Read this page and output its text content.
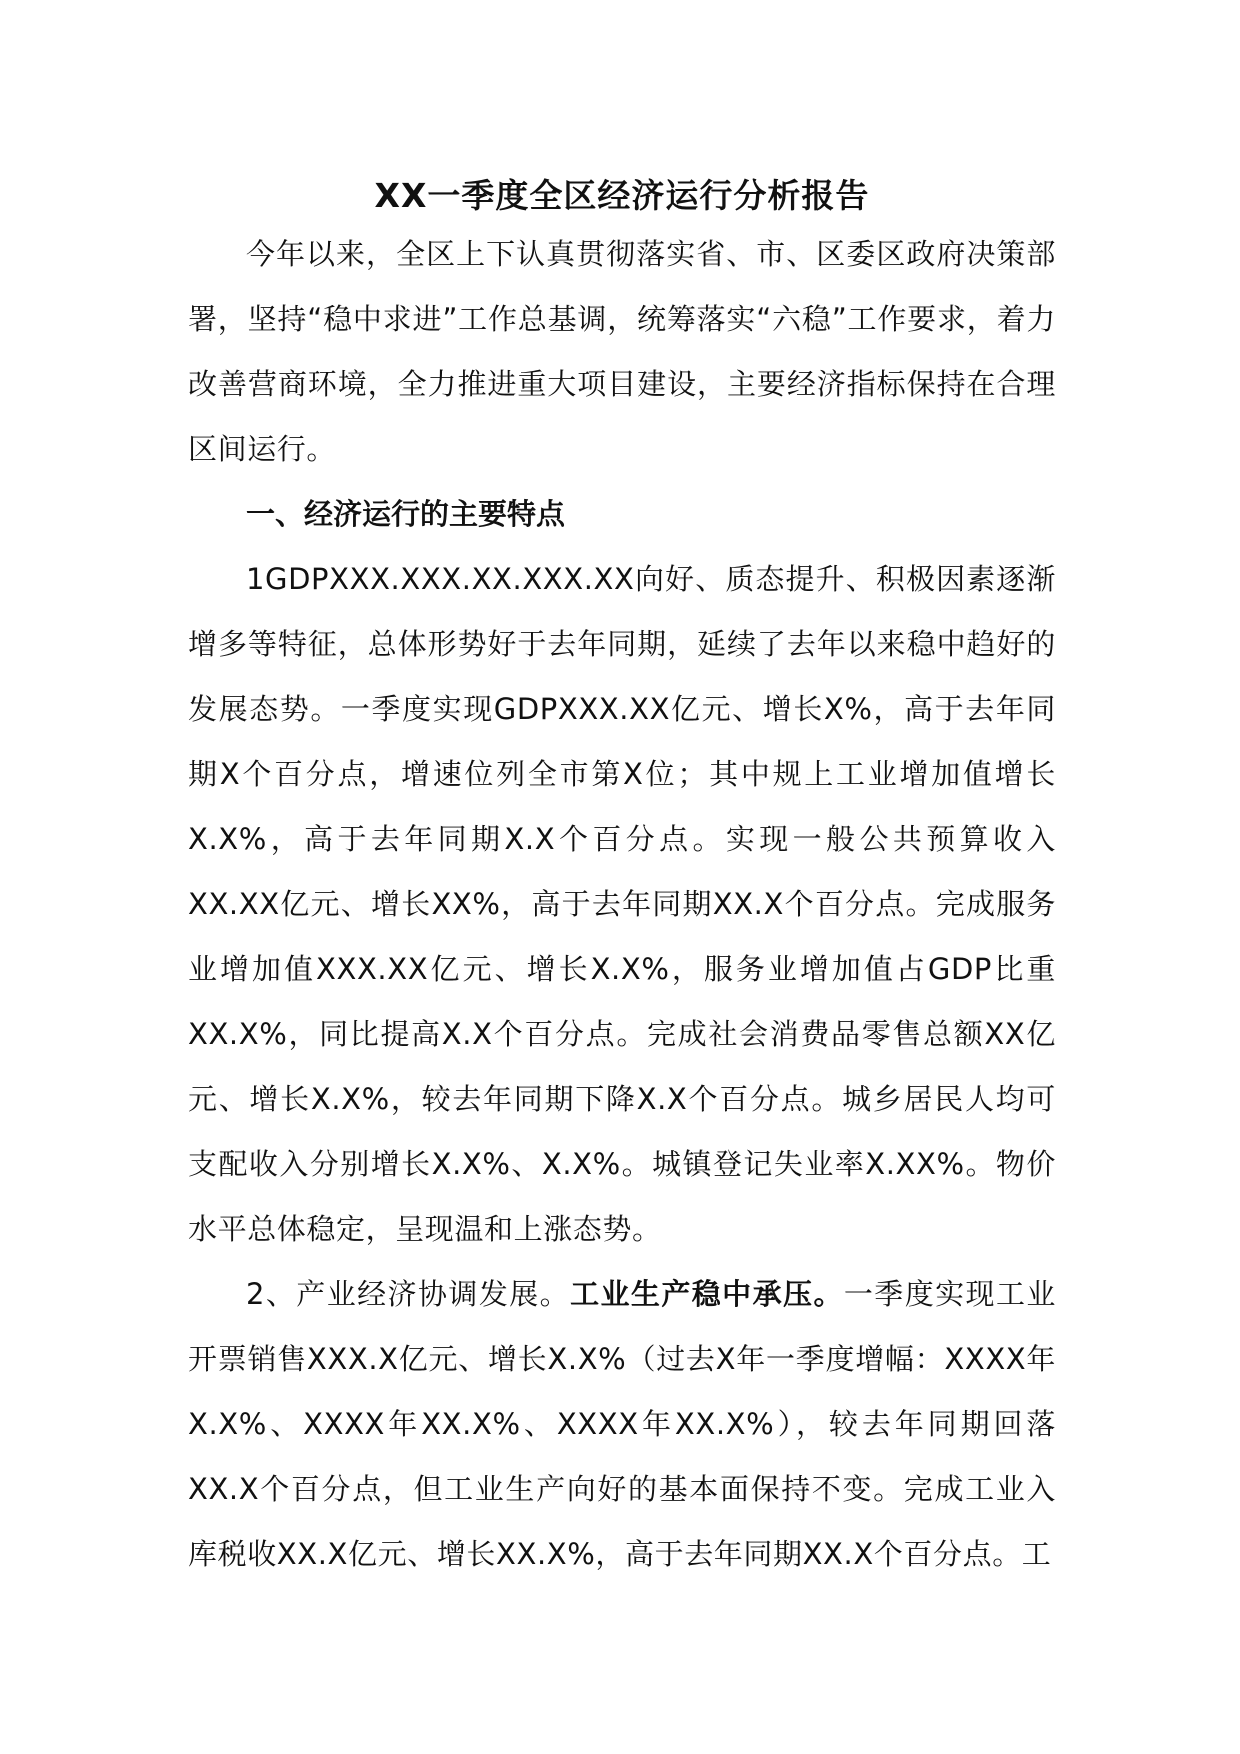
XX一季度全区经济运行分析报告

今年以来，全区上下认真贯彻落实省、市、区委区政府决策部署，坚持“稳中求进”工作总基调，统筹落实“六稳”工作要求，着力改善营商环境，全力推进重大项目建设，主要经济指标保持在合理区间运行。

一、经济运行的主要特点

1GDPXXX.XXX.XX.XXX.XX向好、质态提升、积极因素逐渐增多等特征，总体形势好于去年同期，延续了去年以来稳中趋好的发展态势。一季度实现GDPXXX.XX亿元、增长X%，高于去年同期X个百分点，增速位列全市第X位；其中规上工业增加值增长X.X%，高于去年同期X.X个百分点。实现一般公共预算收入XX.XX亿元、增长XX%，高于去年同期XX.X个百分点。完成服务业增加值XXX.XX亿元、增长X.X%，服务业增加值占GDP比重XX.X%，同比提高X.X个百分点。完成社会消费品零售总额XX亿元、增长X.X%，较去年同期下降X.X个百分点。城乡居民人均可支配收入分别增长X.X%、X.X%。城镇登记失业率X.XX%。物价水平总体稳定，呈现温和上涨态势。

2、产业经济协调发展。工业生产稳中承压。一季度实现工业开票销售XXX.X亿元、增长X.X%（过去X年一季度增幅：XXXX年X.X%、XXXX年XX.X%、XXXX年XX.X%），较去年同期回落XX.X个百分点，但工业生产向好的基本面保持不变。完成工业入库税收XX.X亿元、增长XX.X%，高于去年同期XX.X个百分点。工
